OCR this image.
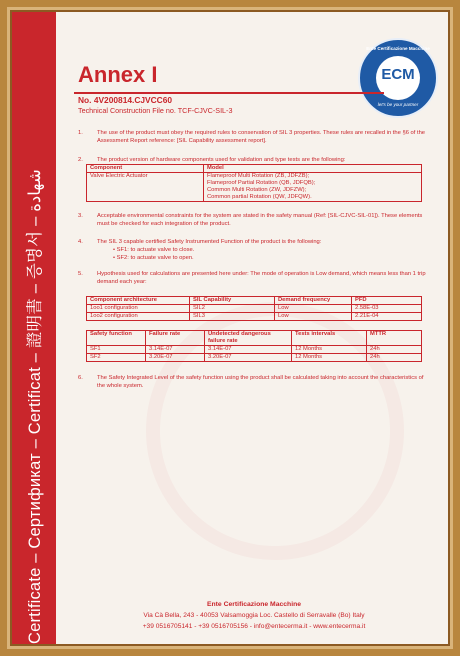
Certificate – Сертификат – Certificat – 證明書 – 증명서 – شهادة
Ente Certificazione Macchine
ECM
let's be your partner
Annex I
No. 4V200814.CJVCC60
Technical Construction File no. TCF-CJVC-SIL-3
1. The use of the product must obey the required rules to conservation of SIL 3 properties. These rules are recalled in the §6 of the Assessment Report reference: [SIL Capability assessment report].
2. The product version of hardware components used for validation and type tests are the following:
Component	Model
Valve Electric Actuator	Flameproof Multi Rotation (ZB, JDFZB);
Flameproof Partial Rotation (QB, JDFQB);
Common Multi Rotation (ZW, JDFZW);
Common partial Rotation (QW, JDFQW).
3. Acceptable environmental constraints for the system are stated in the safety manual (Ref: [SIL-CJVC-SIL-01]). These elements must be checked for each integration of the product.
4. The SIL 3 capable certified Safety Instrumented Function of the product is the following:
• SF1: to actuate valve to close.
• SF2: to actuate valve to open.
5. Hypothesis used for calculations are presented here under: The mode of operation is Low demand, which means less than 1 trip demand each year:
Component architecture	SIL Capability	Demand frequency	PFD
1oo1 configuration	SIL2	Low	2.58E-03
1oo2 configuration	SIL3	Low	2.21E-04
Safety function	Failure rate	Undetected dangerous failure rate	Tests intervals	MTTR
SF1	3.14E-07	3.14E-07	12 Months	24h
SF2	3.20E-07	3.20E-07	12 Months	24h
6. The Safety Integrated Level of the safety function using the product shall be calculated taking into account the characteristics of the whole system.
Ente Certificazione Macchine
Via Cà Bella, 243 - 40053 Valsamoggia Loc. Castello di Serravalle (Bo) Italy
+39 0516705141 - +39 0516705156 - info@entecerma.it - www.entecerma.it
